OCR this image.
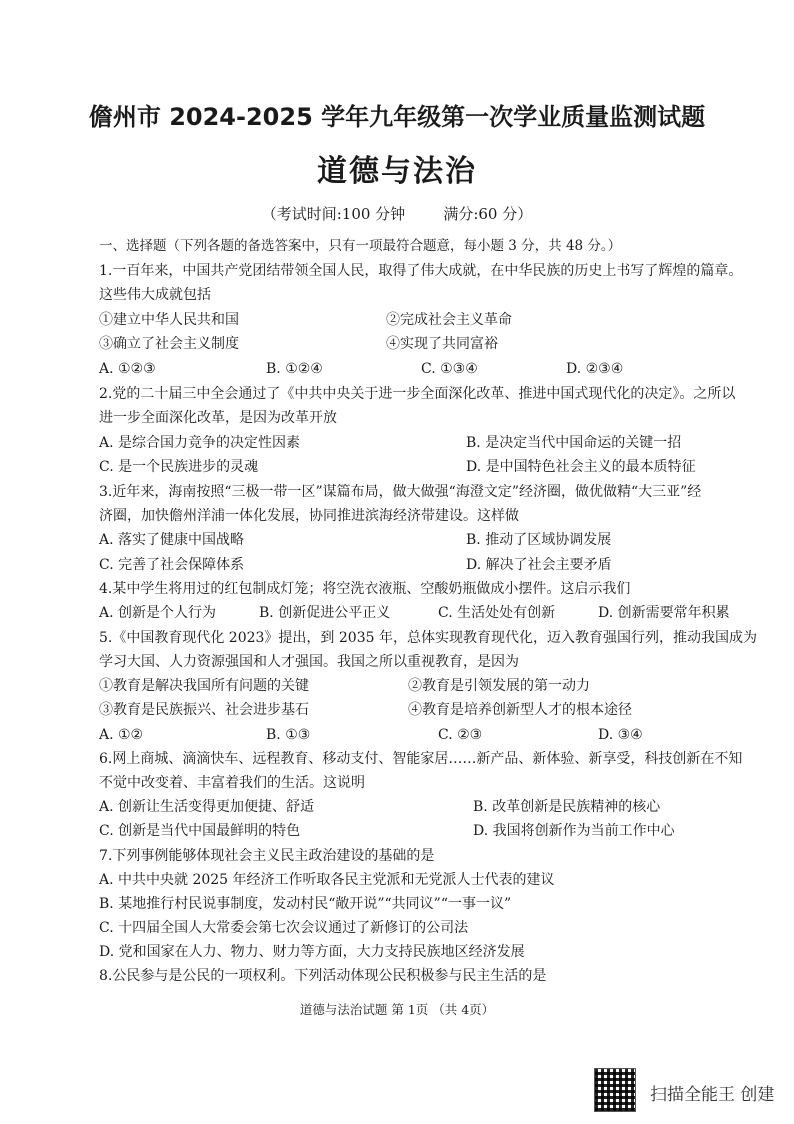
儋州市 2024-2025 学年九年级第一次学业质量监测试题
道德与法治
（考试时间:100 分钟        满分:60 分）
一、选择题（下列各题的备选答案中，只有一项最符合题意，每小题 3 分，共 48 分。）
1.一百年来，中国共产党团结带领全国人民，取得了伟大成就，在中华民族的历史上书写了辉煌的篇章。
这些伟大成就包括
①建立中华人民共和国	②完成社会主义革命
③确立了社会主义制度	④实现了共同富裕
A. ①②③	B. ①②④	C. ①③④	D. ②③④
2.党的二十届三中全会通过了《中共中央关于进一步全面深化改革、推进中国式现代化的决定》。之所以
进一步全面深化改革，是因为改革开放
A. 是综合国力竞争的决定性因素	B. 是决定当代中国命运的关键一招
C. 是一个民族进步的灵魂	D. 是中国特色社会主义的最本质特征
3.近年来，海南按照“三极一带一区”谋篇布局，做大做强“海澄文定”经济圈，做优做精“大三亚”经
济圈，加快儋州洋浦一体化发展，协同推进滨海经济带建设。这样做
A. 落实了健康中国战略	B. 推动了区域协调发展
C. 完善了社会保障体系	D. 解决了社会主要矛盾
4.某中学生将用过的红包制成灯笼；将空洗衣液瓶、空酸奶瓶做成小摆件。这启示我们
A. 创新是个人行为	B. 创新促进公平正义	C. 生活处处有创新	D. 创新需要常年积累
5.《中国教育现代化 2023》提出，到 2035 年，总体实现教育现代化，迈入教育强国行列，推动我国成为
学习大国、人力资源强国和人才强国。我国之所以重视教育，是因为
①教育是解决我国所有问题的关键	②教育是引领发展的第一动力
③教育是民族振兴、社会进步基石	④教育是培养创新型人才的根本途径
A. ①②	B. ①③	C. ②③	D. ③④
6.网上商城、滴滴快车、远程教育、移动支付、智能家居……新产品、新体验、新享受，科技创新在不知
不觉中改变着、丰富着我们的生活。这说明
A. 创新让生活变得更加便捷、舒适	B. 改革创新是民族精神的核心
C. 创新是当代中国最鲜明的特色	D. 我国将创新作为当前工作中心
7.下列事例能够体现社会主义民主政治建设的基础的是
A. 中共中央就 2025 年经济工作听取各民主党派和无党派人士代表的建议
B. 某地推行村民说事制度，发动村民“敞开说”“共同议”“一事一议”
C. 十四届全国人大常委会第七次会议通过了新修订的公司法
D. 党和国家在人力、物力、财力等方面，大力支持民族地区经济发展
8.公民参与是公民的一项权利。下列活动体现公民积极参与民主生活的是
道德与法治试题 第 1页 （共 4页）
扫描全能王 创建
